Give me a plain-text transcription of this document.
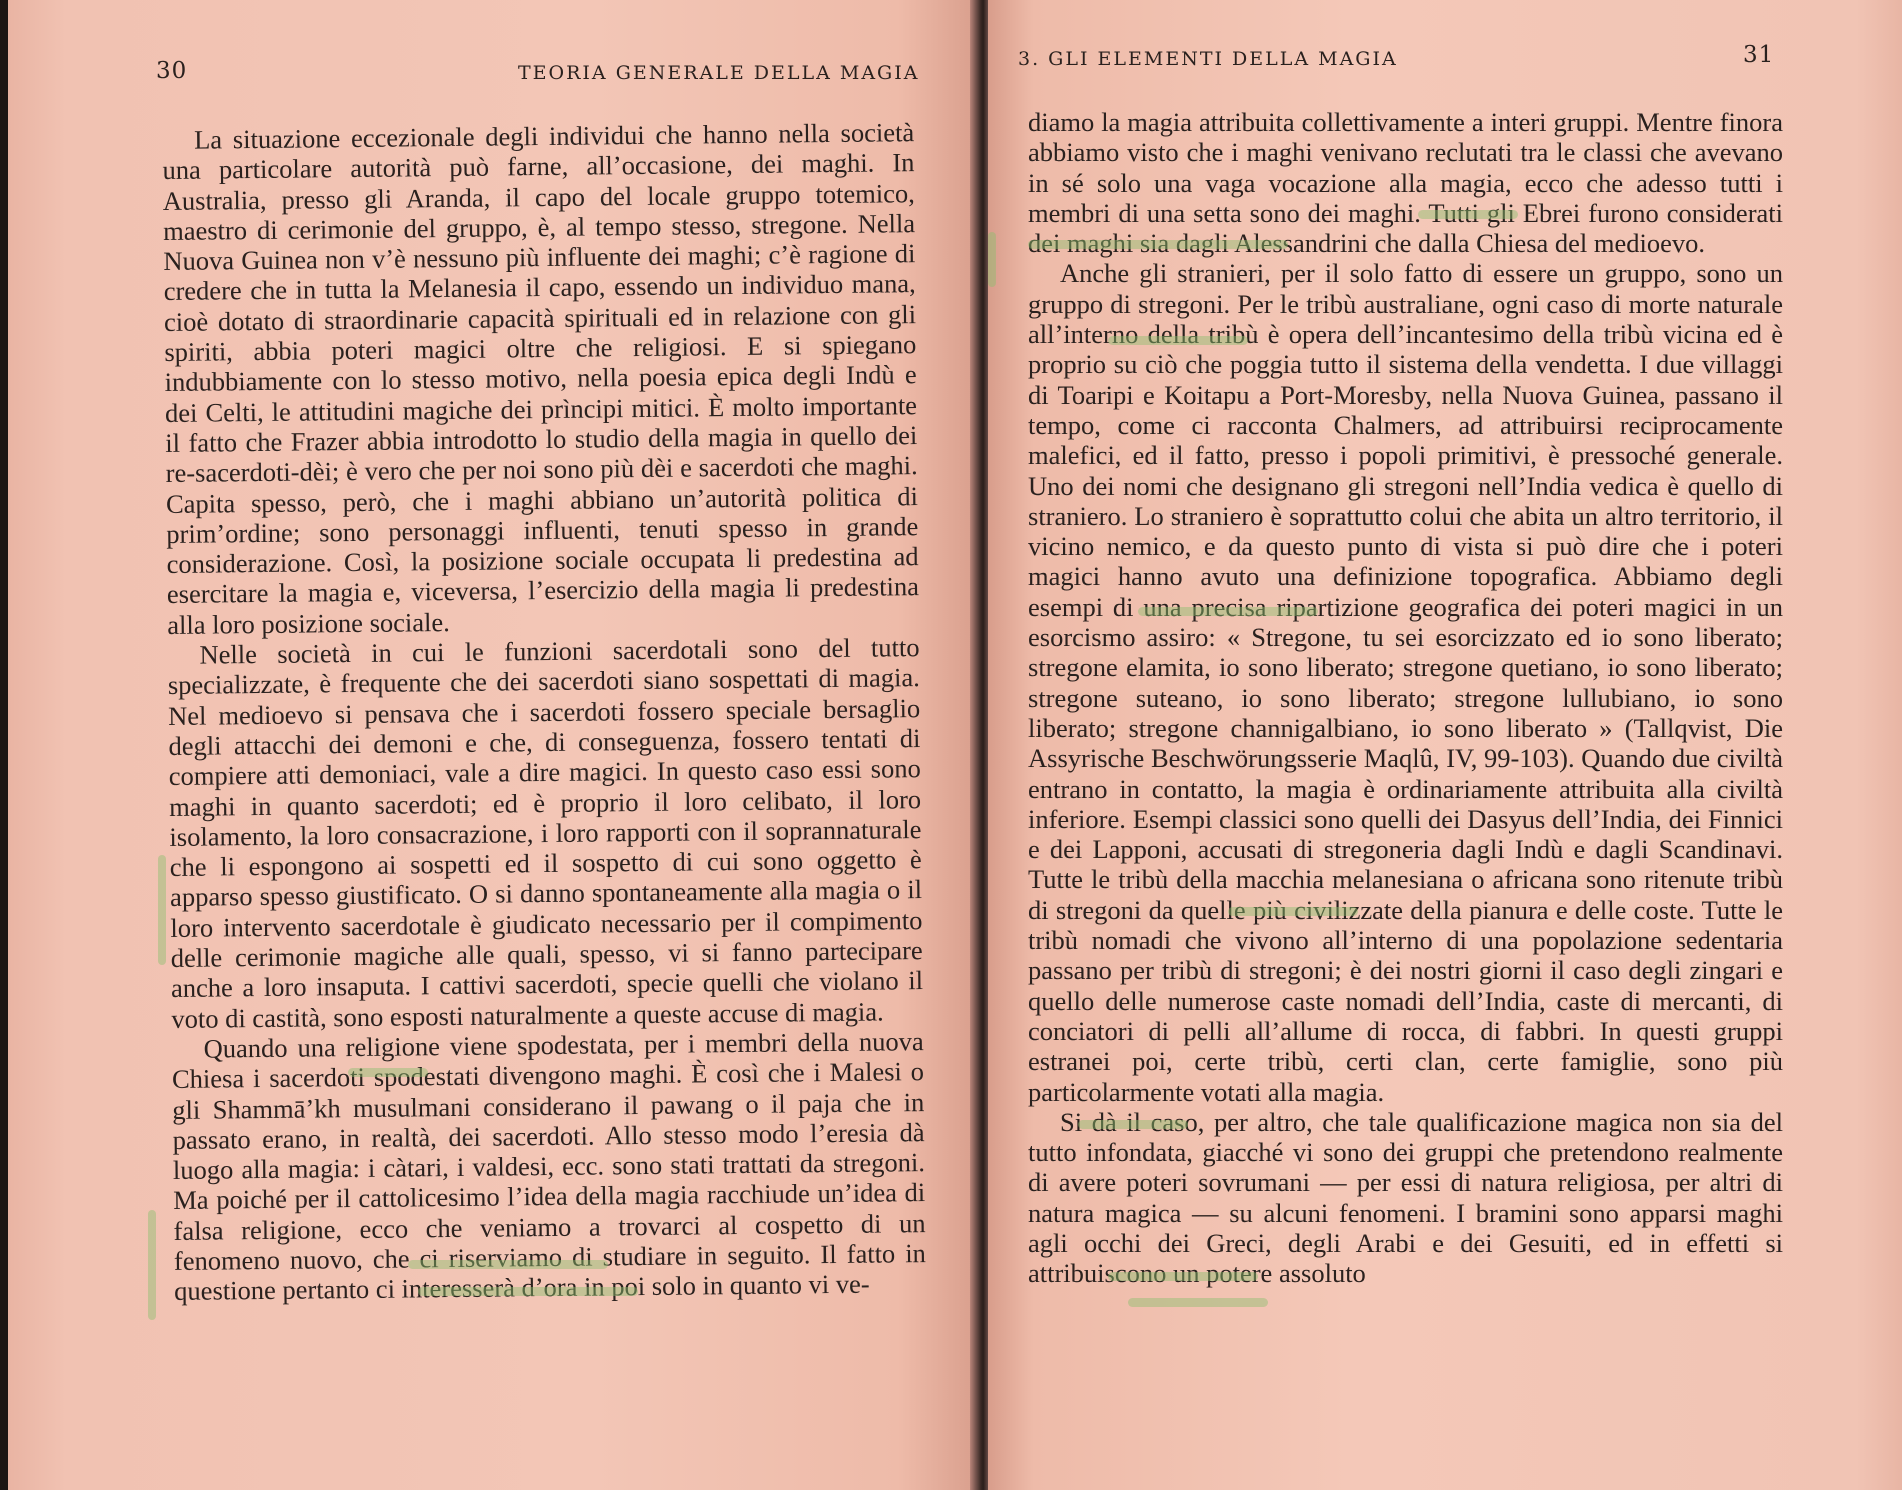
30	TEORIA GENERALE DELLA MAGIA

La situazione eccezionale degli individui che hanno nella società una particolare autorità può farne, all’occasione, dei maghi. In Australia, presso gli Aranda, il capo del locale gruppo totemico, maestro di cerimonie del gruppo, è, al tempo stesso, stregone. Nella Nuova Guinea non v’è nessuno più influente dei maghi; c’è ragione di credere che in tutta la Melanesia il capo, essendo un individuo mana, cioè dotato di straordinarie capacità spirituali ed in relazione con gli spiriti, abbia poteri magici oltre che religiosi. E si spiegano indubbiamente con lo stesso motivo, nella poesia epica degli Indù e dei Celti, le attitudini magiche dei prìncipi mitici. È molto importante il fatto che Frazer abbia introdotto lo studio della magia in quello dei re-sacerdoti-dèi; è vero che per noi sono più dèi e sacerdoti che maghi. Capita spesso, però, che i maghi abbiano un’autorità politica di prim’ordine; sono personaggi influenti, tenuti spesso in grande considerazione. Così, la posizione sociale occupata li predestina ad esercitare la magia e, viceversa, l’esercizio della magia li predestina alla loro posizione sociale.

Nelle società in cui le funzioni sacerdotali sono del tutto specializzate, è frequente che dei sacerdoti siano sospettati di magia. Nel medioevo si pensava che i sacerdoti fossero speciale bersaglio degli attacchi dei demoni e che, di conseguenza, fossero tentati di compiere atti demoniaci, vale a dire magici. In questo caso essi sono maghi in quanto sacerdoti; ed è proprio il loro celibato, il loro isolamento, la loro consacrazione, i loro rapporti con il soprannaturale che li espongono ai sospetti ed il sospetto di cui sono oggetto è apparso spesso giustificato. O si danno spontaneamente alla magia o il loro intervento sacerdotale è giudicato necessario per il compimento delle cerimonie magiche alle quali, spesso, vi si fanno partecipare anche a loro insaputa. I cattivi sacerdoti, specie quelli che violano il voto di castità, sono esposti naturalmente a queste accuse di magia.

Quando una religione viene spodestata, per i membri della nuova Chiesa i sacerdoti spodestati divengono maghi. È così che i Malesi o gli Shammā’kh musulmani considerano il pawang o il paja che in passato erano, in realtà, dei sacerdoti. Allo stesso modo l’eresia dà luogo alla magia: i càtari, i valdesi, ecc. sono stati trattati da stregoni. Ma poiché per il cattolicesimo l’idea della magia racchiude un’idea di falsa religione, ecco che veniamo a trovarci al cospetto di un fenomeno nuovo, che ci riserviamo di studiare in seguito. Il fatto in questione pertanto ci interesserà d’ora in poi solo in quanto vi ve-

3. GLI ELEMENTI DELLA MAGIA	31

diamo la magia attribuita collettivamente a interi gruppi. Mentre finora abbiamo visto che i maghi venivano reclutati tra le classi che avevano in sé solo una vaga vocazione alla magia, ecco che adesso tutti i membri di una setta sono dei maghi. Tutti gli Ebrei furono considerati dei maghi sia dagli Alessandrini che dalla Chiesa del medioevo.

Anche gli stranieri, per il solo fatto di essere un gruppo, sono un gruppo di stregoni. Per le tribù australiane, ogni caso di morte naturale all’interno della tribù è opera dell’incantesimo della tribù vicina ed è proprio su ciò che poggia tutto il sistema della vendetta. I due villaggi di Toaripi e Koitapu a Port-Moresby, nella Nuova Guinea, passano il tempo, come ci racconta Chalmers, ad attribuirsi reciprocamente malefici, ed il fatto, presso i popoli primitivi, è pressoché generale. Uno dei nomi che designano gli stregoni nell’India vedica è quello di straniero. Lo straniero è soprattutto colui che abita un altro territorio, il vicino nemico, e da questo punto di vista si può dire che i poteri magici hanno avuto una definizione topografica. Abbiamo degli esempi di una precisa ripartizione geografica dei poteri magici in un esorcismo assiro: « Stregone, tu sei esorcizzato ed io sono liberato; stregone elamita, io sono liberato; stregone quetiano, io sono liberato; stregone suteano, io sono liberato; stregone lullubiano, io sono liberato; stregone channigalbiano, io sono liberato » (Tallqvist, Die Assyrische Beschwörungsserie Maqlû, IV, 99-103). Quando due civiltà entrano in contatto, la magia è ordinariamente attribuita alla civiltà inferiore. Esempi classici sono quelli dei Dasyus dell’India, dei Finnici e dei Lapponi, accusati di stregoneria dagli Indù e dagli Scandinavi. Tutte le tribù della macchia melanesiana o africana sono ritenute tribù di stregoni da quelle più civilizzate della pianura e delle coste. Tutte le tribù nomadi che vivono all’interno di una popolazione sedentaria passano per tribù di stregoni; è dei nostri giorni il caso degli zingari e quello delle numerose caste nomadi dell’India, caste di mercanti, di conciatori di pelli all’allume di rocca, di fabbri. In questi gruppi estranei poi, certe tribù, certi clan, certe famiglie, sono più particolarmente votati alla magia.

Si dà il caso, per altro, che tale qualificazione magica non sia del tutto infondata, giacché vi sono dei gruppi che pretendono realmente di avere poteri sovrumani — per essi di natura religiosa, per altri di natura magica — su alcuni fenomeni. I bramini sono apparsi maghi agli occhi dei Greci, degli Arabi e dei Gesuiti, ed in effetti si attribuiscono un potere assoluto
